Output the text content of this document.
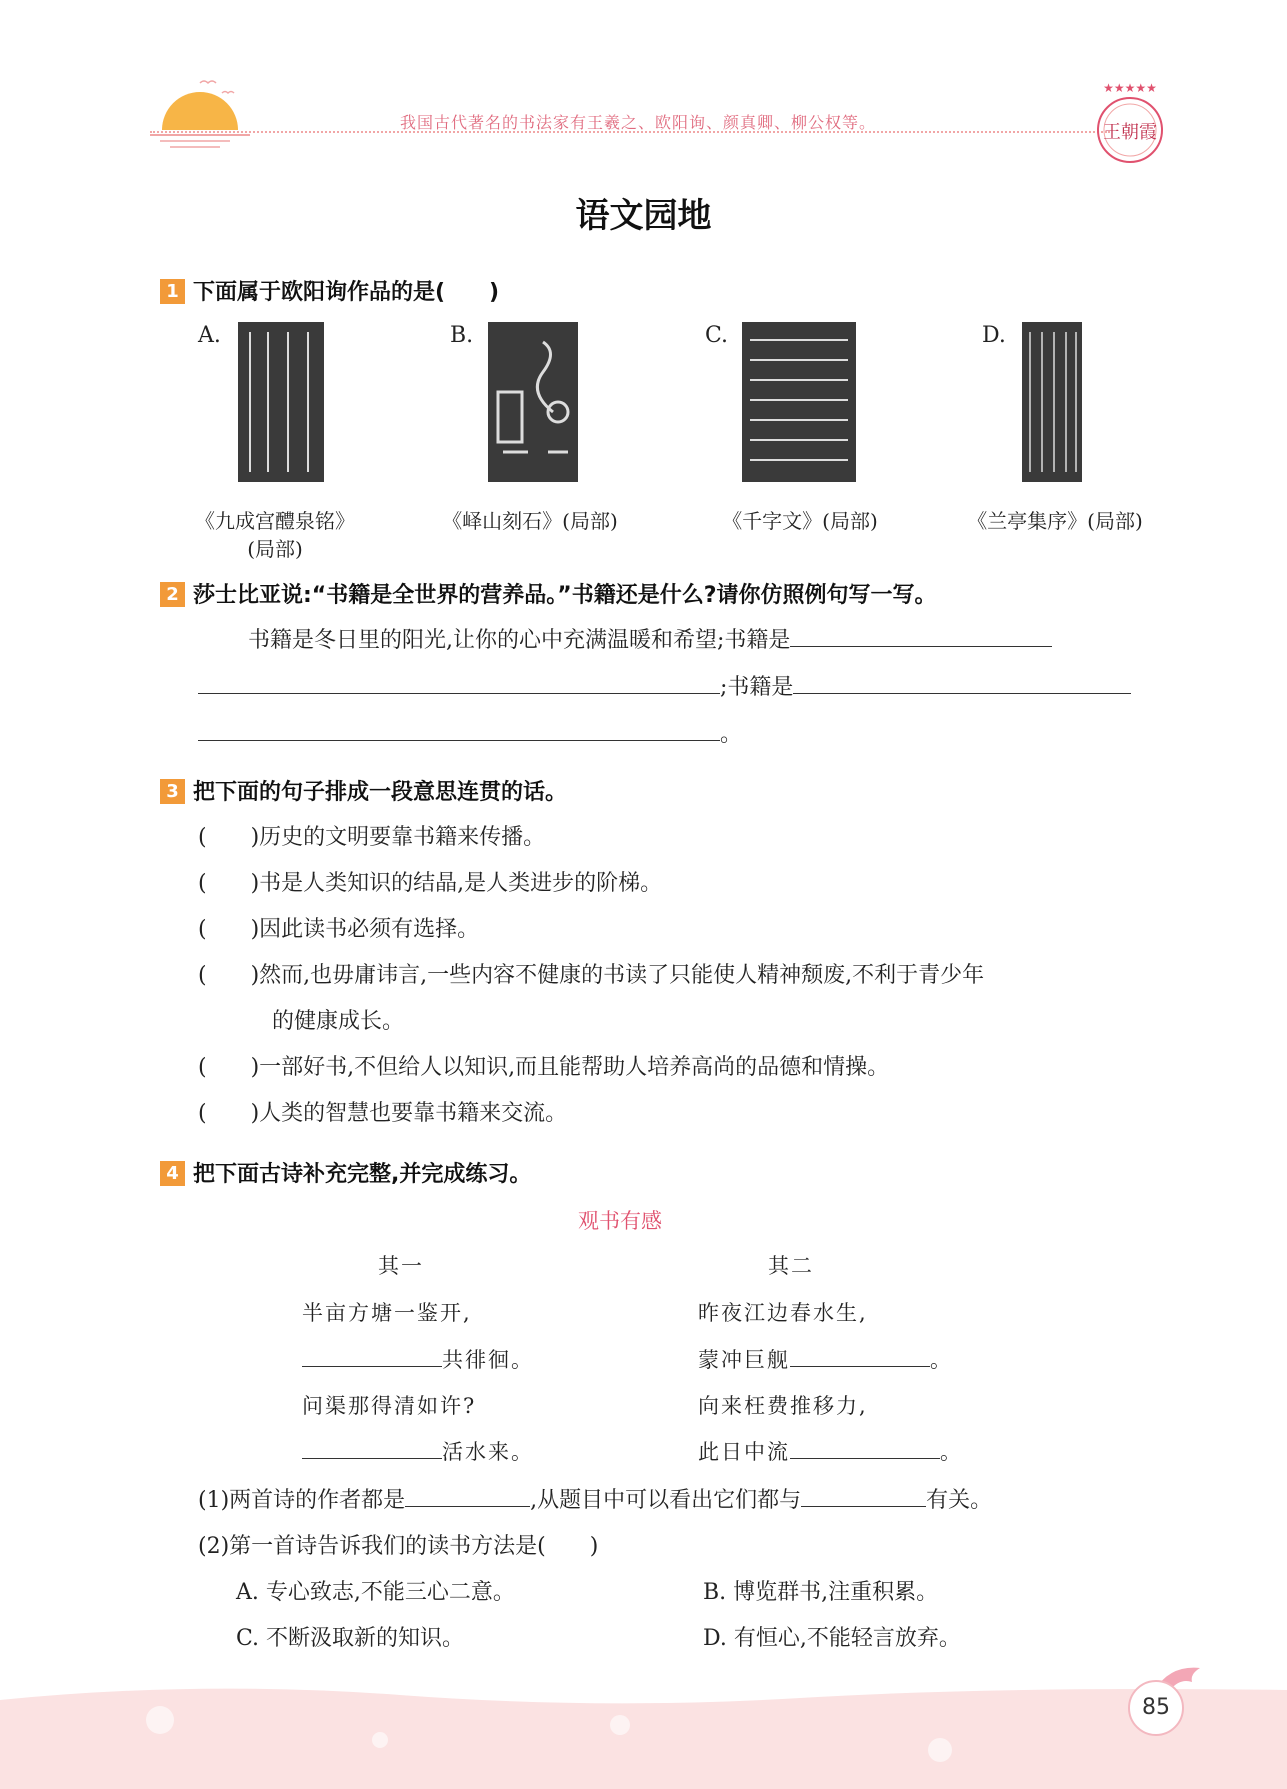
我国古代著名的书法家有王羲之、欧阳询、颜真卿、柳公权等。
★★★★★
王朝霞
语文园地
1 下面属于欧阳询作品的是(　　)
A.
《九成宫醴泉铭》
(局部)
B.
《峄山刻石》(局部)
C.
《千字文》(局部)
D.
《兰亭集序》(局部)
2 莎士比亚说:“书籍是全世界的营养品。”书籍还是什么?请你仿照例句写一写。
书籍是冬日里的阳光,让你的心中充满温暖和希望;书籍是
;书籍是
。
3 把下面的句子排成一段意思连贯的话。
(　　)历史的文明要靠书籍来传播。
(　　)书是人类知识的结晶,是人类进步的阶梯。
(　　)因此读书必须有选择。
(　　)然而,也毋庸讳言,一些内容不健康的书读了只能使人精神颓废,不利于青少年
的健康成长。
(　　)一部好书,不但给人以知识,而且能帮助人培养高尚的品德和情操。
(　　)人类的智慧也要靠书籍来交流。
4 把下面古诗补充完整,并完成练习。
观书有感
其一
半亩方塘一鉴开,
共徘徊。
问渠那得清如许?
活水来。
其二
昨夜江边春水生,
蒙冲巨舰	。
向来枉费推移力,
此日中流	。
(1)两首诗的作者都是	,从题目中可以看出它们都与	有关。
(2)第一首诗告诉我们的读书方法是(　　)
A. 专心致志,不能三心二意。	B. 博览群书,注重积累。
C. 不断汲取新的知识。	D. 有恒心,不能轻言放弃。
85
